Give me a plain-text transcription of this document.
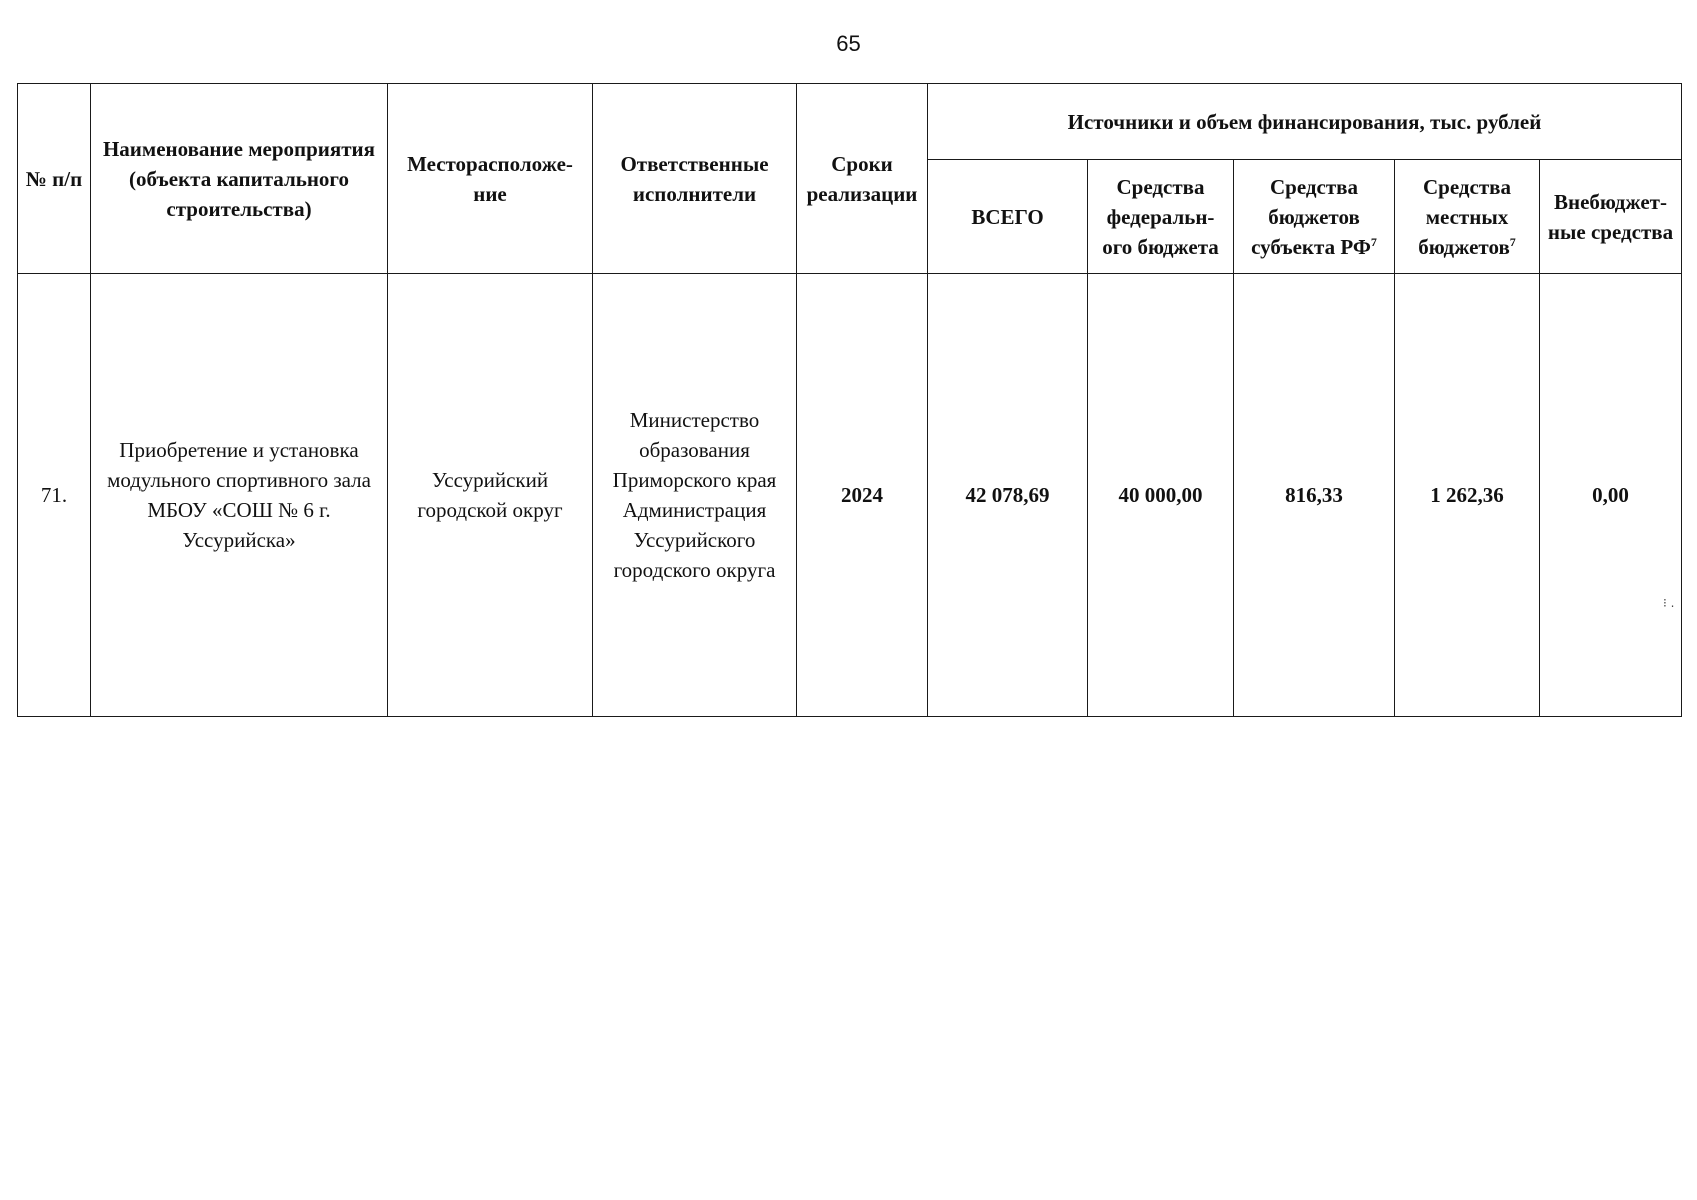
65
№ п/п	Наименование мероприятия (объекта капитального строительства)	Месторасположе-ние	Ответственные исполнители	Сроки реализации	Источники и объем финансирования, тыс. рублей				
					ВСЕГО	Средства федеральн-ого бюджета	Средства бюджетов субъекта $РФ^7$	Средства местных бюджетов$^7$	Внебюджет-ные средства
71.	Приобретение и установка модульного спортивного зала МБОУ «СОШ № 6 г. Уссурийска»	Уссурийский городской округ	Министерство образования Приморского края Администрация Уссурийского городского округа	2024	42 078,69	40 000,00	816,33	1 262,36	0,00
⁝ .
